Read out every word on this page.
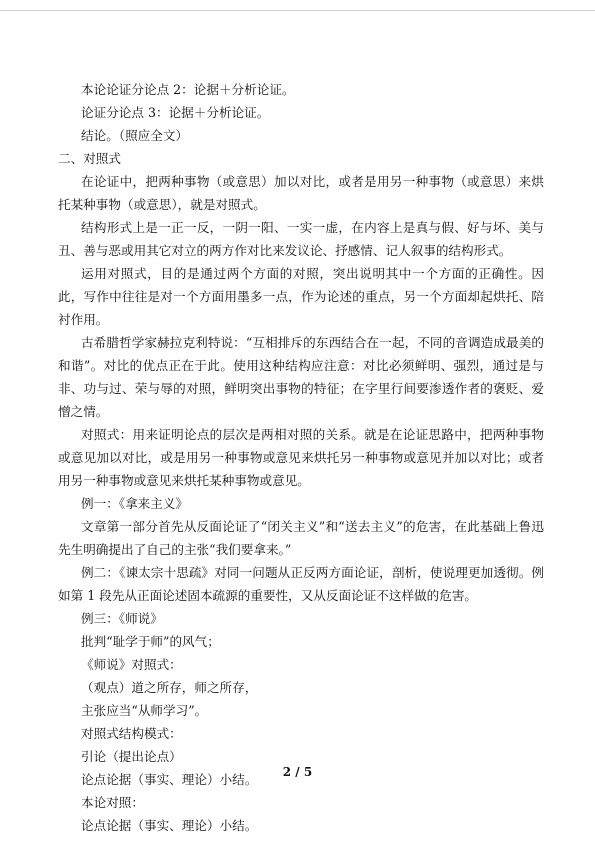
本论论证分论点 2：论据＋分析论证。

论证分论点 3：论据＋分析论证。

结论。（照应全文）

二、对照式

在论证中，把两种事物（或意思）加以对比，或者是用另一种事物（或意思）来烘托某种事物（或意思），就是对照式。

结构形式上是一正一反，一阴一阳、一实一虚，在内容上是真与假、好与坏、美与丑、善与恶或用其它对立的两方作对比来发议论、抒感情、记人叙事的结构形式。

运用对照式，目的是通过两个方面的对照，突出说明其中一个方面的正确性。因此，写作中往往是对一个方面用墨多一点，作为论述的重点，另一个方面却起烘托、陪衬作用。

古希腊哲学家赫拉克利特说：“互相排斥的东西结合在一起，不同的音调造成最美的和谐”。对比的优点正在于此。使用这种结构应注意：对比必须鲜明、强烈，通过是与非、功与过、荣与辱的对照，鲜明突出事物的特征；在字里行间要渗透作者的褒贬、爱憎之情。

对照式：用来证明论点的层次是两相对照的关系。就是在论证思路中，把两种事物或意见加以对比，或是用另一种事物或意见来烘托另一种事物或意见并加以对比；或者用另一种事物或意见来烘托某种事物或意见。

例一：《拿来主义》

文章第一部分首先从反面论证了“闭关主义”和“送去主义”的危害，在此基础上鲁迅先生明确提出了自己的主张“我们要拿来。”

例二：《谏太宗十思疏》对同一问题从正反两方面论证，剖析，使说理更加透彻。例如第 1 段先从正面论述固本疏源的重要性，又从反面论证不这样做的危害。

例三：《师说》

批判“耻学于师”的风气；

《师说》对照式：

（观点）道之所存，师之所存，

主张应当“从师学习”。

对照式结构模式：

引论（提出论点）

论点论据（事实、理论）小结。

本论对照：

论点论据（事实、理论）小结。

2 / 5
